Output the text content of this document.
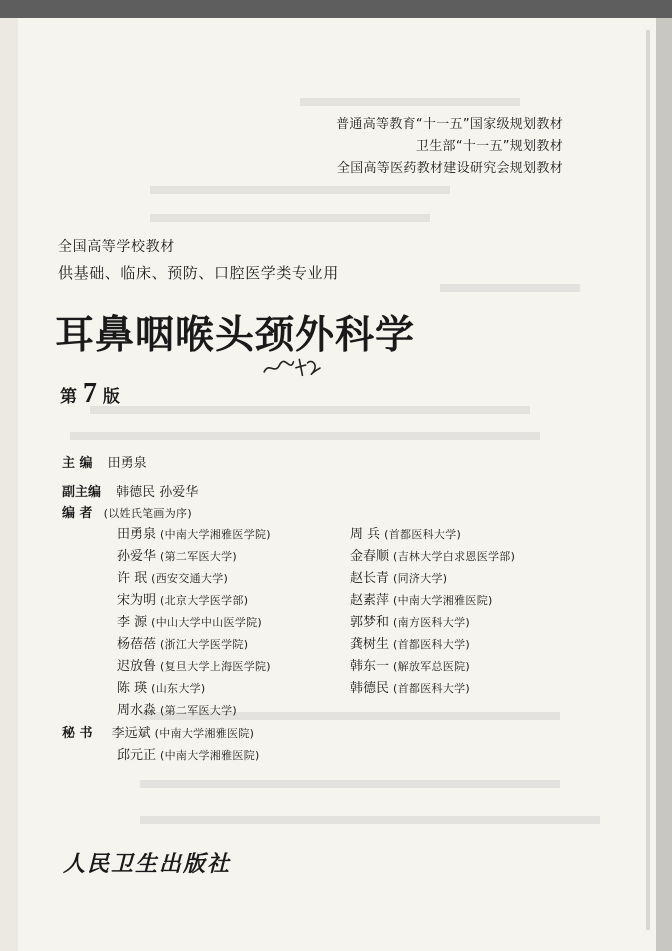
普通高等教育“十一五”国家级规划教材
卫生部“十一五”规划教材
全国高等医药教材建设研究会规划教材
全国高等学校教材
供基础、临床、预防、口腔医学类专业用
耳鼻咽喉头颈外科学
第 7 版
主 编 田勇泉
副主编 韩德民 孙爱华
编 者 (以姓氏笔画为序)
田勇泉 (中南大学湘雅医学院)
孙爱华 (第二军医大学)
许 珉 (西安交通大学)
宋为明 (北京大学医学部)
李 源 (中山大学中山医学院)
杨蓓蓓 (浙江大学医学院)
迟放鲁 (复旦大学上海医学院)
陈 瑛 (山东大学)
周水淼 (第二军医大学)
周 兵 (首都医科大学)
金春顺 (吉林大学白求恩医学部)
赵长青 (同济大学)
赵素萍 (中南大学湘雅医院)
郭梦和 (南方医科大学)
龚树生 (首都医科大学)
韩东一 (解放军总医院)
韩德民 (首都医科大学)
秘 书 李远斌 (中南大学湘雅医院)
邱元正 (中南大学湘雅医院)
人民卫生出版社
